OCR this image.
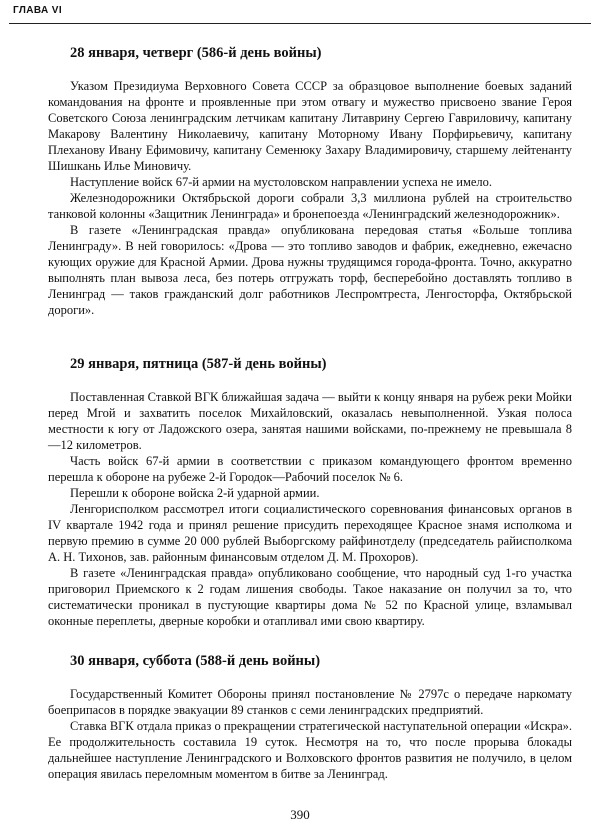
ГЛАВА VI
28 января, четверг (586-й день войны)

Указом Президиума Верховного Совета СССР за образцовое выполнение боевых заданий командования на фронте и проявленные при этом отвагу и мужество присвоено звание Героя Советского Союза ленинградским летчикам капитану Литаврину Сергею Гавриловичу, капитану Макарову Валентину Николаевичу, капитану Моторному Ивану Порфирьевичу, капитану Плеханову Ивану Ефимовичу, капитану Семенюку Захару Владимировичу, старшему лейтенанту Шишкань Илье Миновичу.

Наступление войск 67-й армии на мустоловском направлении успеха не имело.

Железнодорожники Октябрьской дороги собрали 3,3 миллиона рублей на строительство танковой колонны «Защитник Ленинграда» и бронепоезда «Ленинградский железнодорожник».

В газете «Ленинградская правда» опубликована передовая статья «Больше топлива Ленинграду». В ней говорилось: «Дрова — это топливо заводов и фабрик, ежедневно, ежечасно кующих оружие для Красной Армии. Дрова нужны трудящимся города-фронта. Точно, аккуратно выполнять план вывоза леса, без потерь отгружать торф, бесперебойно доставлять топливо в Ленинград — таков гражданский долг работников Леспромтреста, Ленгосторфа, Октябрьской дороги».

29 января, пятница (587-й день войны)

Поставленная Ставкой ВГК ближайшая задача — выйти к концу января на рубеж реки Мойки перед Мгой и захватить поселок Михайловский, оказалась невыполненной. Узкая полоса местности к югу от Ладожского озера, занятая нашими войсками, по-прежнему не превышала 8—12 километров.

Часть войск 67-й армии в соответствии с приказом командующего фронтом временно перешла к обороне на рубеже 2-й Городок—Рабочий поселок № 6.

Перешли к обороне войска 2-й ударной армии.

Ленгорисполком рассмотрел итоги социалистического соревнования финансовых органов в IV квартале 1942 года и принял решение присудить переходящее Красное знамя исполкома и первую премию в сумме 20 000 рублей Выборгскому райфинотделу (председатель райисполкома А. Н. Тихонов, зав. районным финансовым отделом Д. М. Прохоров).

В газете «Ленинградская правда» опубликовано сообщение, что народный суд 1-го участка приговорил Приемского к 2 годам лишения свободы. Такое наказание он получил за то, что систематически проникал в пустующие квартиры дома № 52 по Красной улице, взламывал оконные переплеты, дверные коробки и отапливал ими свою квартиру.

30 января, суббота (588-й день войны)

Государственный Комитет Обороны принял постановление № 2797с о передаче наркомату боеприпасов в порядке эвакуации 89 станков с семи ленинградских предприятий.

Ставка ВГК отдала приказ о прекращении стратегической наступательной операции «Искра». Ее продолжительность составила 19 суток. Несмотря на то, что после прорыва блокады дальнейшее наступление Ленинградского и Волховского фронтов развития не получило, в целом операция явилась переломным моментом в битве за Ленинград.

390
